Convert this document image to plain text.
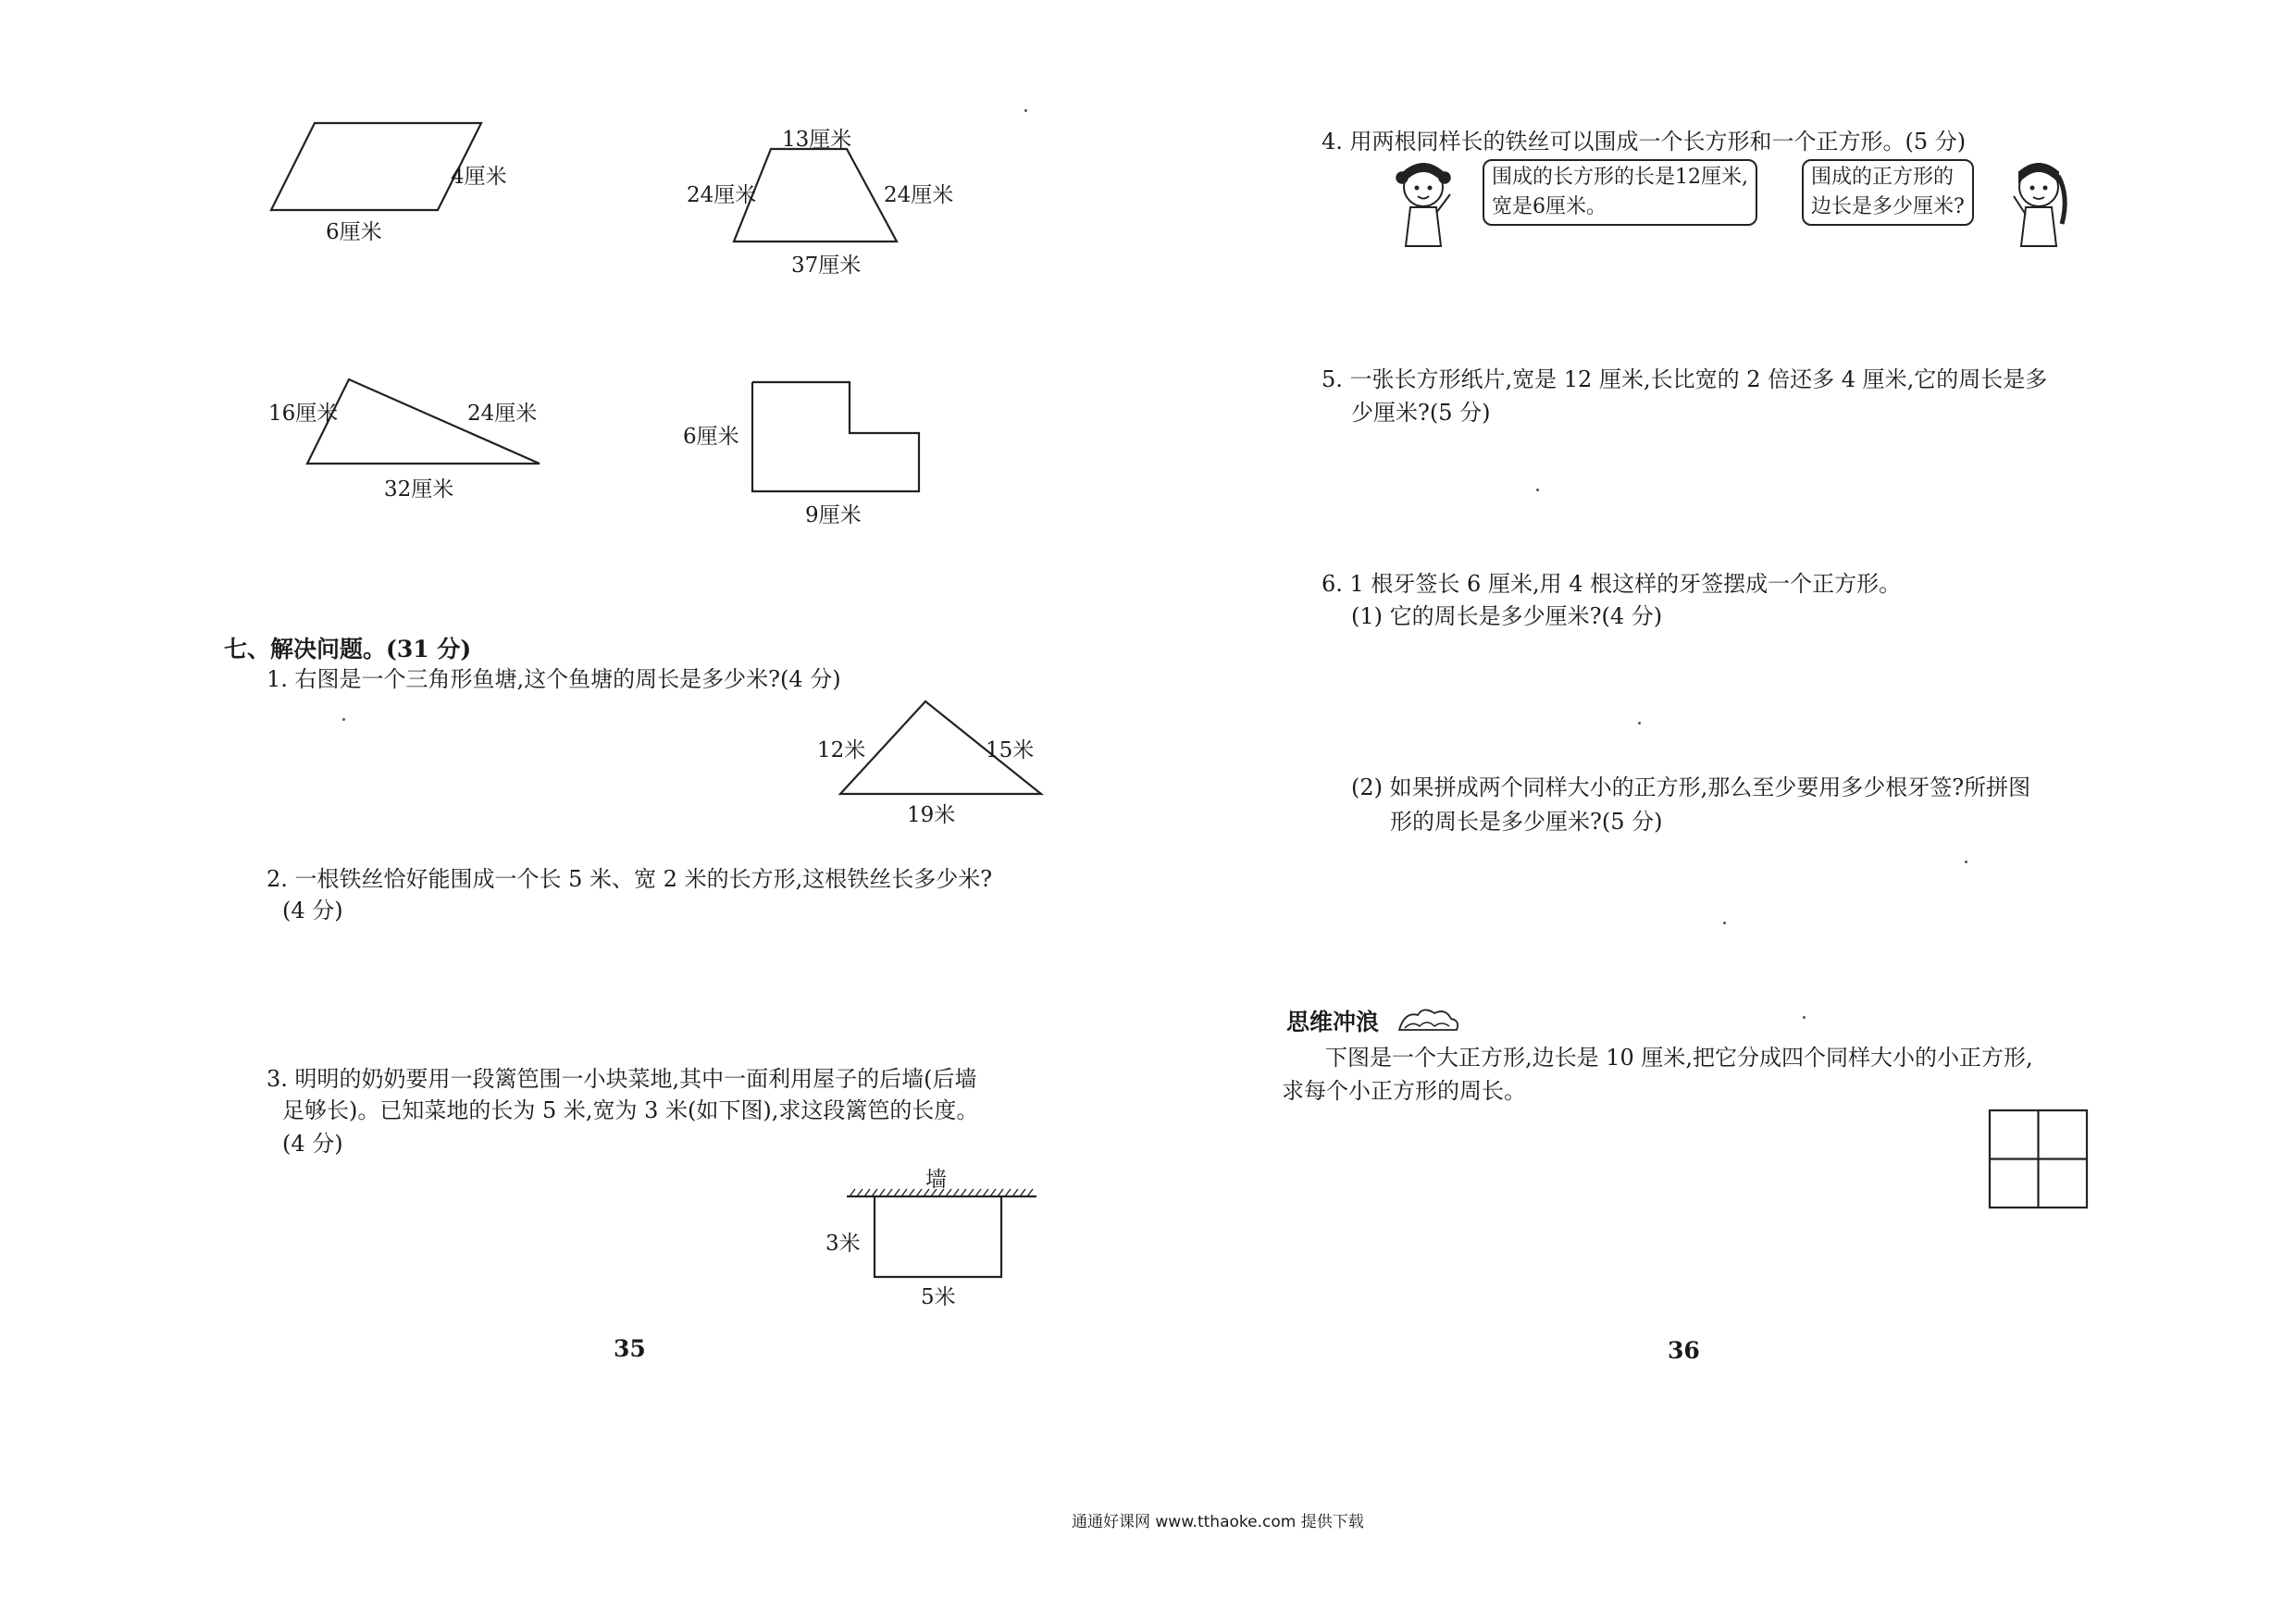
4厘米
6厘米
13厘米
24厘米	24厘米
37厘米
16厘米	24厘米
32厘米
6厘米
9厘米
七、解决问题。(31 分)
1. 右图是一个三角形鱼塘,这个鱼塘的周长是多少米?(4 分)
12米	15米
19米
2. 一根铁丝恰好能围成一个长 5 米、宽 2 米的长方形,这根铁丝长多少米?
(4 分)
3. 明明的奶奶要用一段篱笆围一小块菜地,其中一面利用屋子的后墙(后墙
足够长)。已知菜地的长为 5 米,宽为 3 米(如下图),求这段篱笆的长度。
(4 分)
墙
3米
5米
35
4. 用两根同样长的铁丝可以围成一个长方形和一个正方形。(5 分)
围成的长方形的长是12厘米,
宽是6厘米。
围成的正方形的
边长是多少厘米?
5. 一张长方形纸片,宽是 12 厘米,长比宽的 2 倍还多 4 厘米,它的周长是多
少厘米?(5 分)
6. 1 根牙签长 6 厘米,用 4 根这样的牙签摆成一个正方形。
(1) 它的周长是多少厘米?(4 分)
(2) 如果拼成两个同样大小的正方形,那么至少要用多少根牙签?所拼图
形的周长是多少厘米?(5 分)
思维冲浪
下图是一个大正方形,边长是 10 厘米,把它分成四个同样大小的小正方形,
求每个小正方形的周长。
36
通通好课网 www.tthaoke.com 提供下载
